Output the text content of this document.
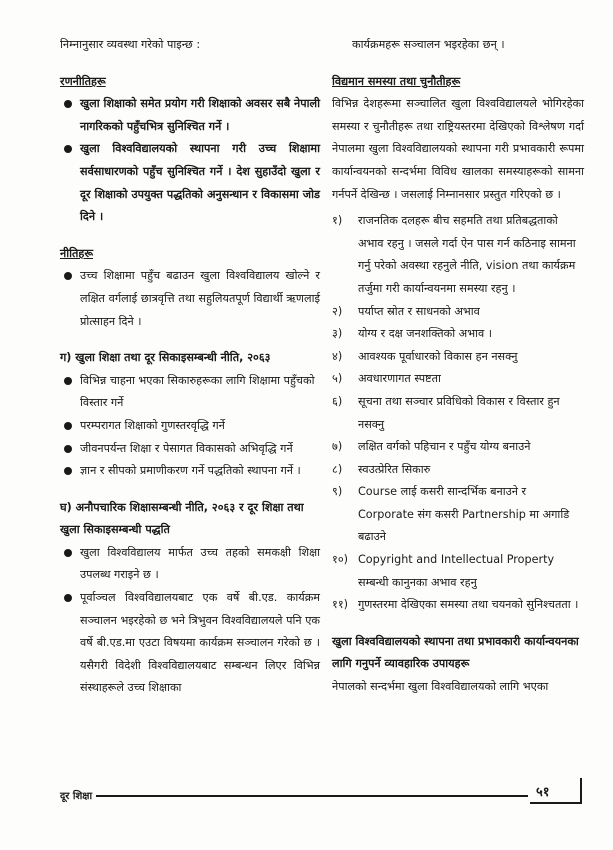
निम्नानुसार व्यवस्था गरेको पाइन्छ :

रणनीतिहरू

खुला शिक्षाको समेत प्रयोग गरी शिक्षाको अवसर सबै नेपाली नागरिकको पहुँचभित्र सुनिश्चित गर्ने ।
खुला विश्वविद्यालयको स्थापना गरी उच्च शिक्षामा सर्वसाधारणको पहुँच सुनिश्चित गर्ने । देश सुहाउँदो खुला र दूर शिक्षाको उपयुक्त पद्धतिको अनुसन्धान र विकासमा जोड दिने ।

नीतिहरू

उच्च शिक्षामा पहुँच बढाउन खुला विश्वविद्यालय खोल्ने र लक्षित वर्गलाई छात्रवृत्ति तथा सहुलियतपूर्ण विद्यार्थी ऋणलाई प्रोत्साहन दिने ।

ग) खुला शिक्षा तथा दूर सिकाइसम्बन्धी नीति, २०६३

विभिन्न चाहना भएका सिकारुहरूका लागि शिक्षामा पहुँचको विस्तार गर्ने
परम्परागत शिक्षाको गुणस्तरवृद्धि गर्ने
जीवनपर्यन्त शिक्षा र पेसागत विकासको अभिवृद्धि गर्ने
ज्ञान र सीपको प्रमाणीकरण गर्ने पद्धतिको स्थापना गर्ने ।

घ) अनौपचारिक शिक्षासम्बन्धी नीति, २०६३ र दूर शिक्षा तथा खुला सिकाइसम्बन्धी पद्धति

खुला विश्वविद्यालय मार्फत उच्च तहको समकक्षी शिक्षा उपलब्ध गराइने छ ।
पूर्वाञ्चल विश्वविद्यालयबाट एक वर्षे बी.एड. कार्यक्रम सञ्चालन भइरहेको छ भने त्रिभुवन विश्वविद्यालयले पनि एक वर्षे बी.एड.मा एउटा विषयमा कार्यक्रम सञ्चालन गरेको छ । यसैगरी विदेशी विश्वविद्यालयबाट सम्बन्धन लिएर विभिन्न संस्थाहरूले उच्च शिक्षाका

कार्यक्रमहरू सञ्चालन भइरहेका छन् ।

विद्यमान समस्या तथा चुनौतीहरू

विभिन्न देशहरूमा सञ्चालित खुला विश्वविद्यालयले भोगिरहेका समस्या र चुनौतीहरू तथा राष्ट्रियस्तरमा देखिएको विश्लेषण गर्दा नेपालमा खुला विश्वविद्यालयको स्थापना गरी प्रभावकारी रूपमा कार्यान्वयनको सन्दर्भमा विविध खालका समस्याहरूको सामना गर्नपर्ने देखिन्छ । जसलाई निम्नानसार प्रस्तुत गरिएको छ ।

१) राजनतिक दलहरू बीच सहमति तथा प्रतिबद्धताको अभाव रहनु । जसले गर्दा ऐन पास गर्न कठिनाइ सामना गर्नु परेको अवस्था रहनुले नीति, vision तथा कार्यक्रम तर्जुमा गरी कार्यान्वयनमा समस्या रहनु ।
२) पर्याप्त स्रोत र साधनको अभाव
३) योग्य र दक्ष जनशक्तिको अभाव ।
४) आवश्यक पूर्वाधारको विकास हन नसक्नु
५) अवधारणागत स्पष्टता
६) सूचना तथा सञ्चार प्रविधिको विकास र विस्तार हुन नसक्नु
७) लक्षित वर्गको पहिचान र पहुँच योग्य बनाउने
८) स्वउत्प्रेरित सिकारु
९) Course लाई कसरी सान्दर्भिक बनाउने र Corporate संग कसरी Partnership मा अगाडि बढाउने
१०) Copyright and Intellectual Property सम्बन्धी कानुनका अभाव रहनु
११) गुणस्तरमा देखिएका समस्या तथा चयनको सुनिश्चतता ।

खुला विश्वविद्यालयको स्थापना तथा प्रभावकारी कार्यान्वयनका लागि गनुपर्ने व्यावहारिक उपायहरू

नेपालको सन्दर्भमा खुला विश्वविद्यालयको लागि भएका

दूर शिक्षा	५१
